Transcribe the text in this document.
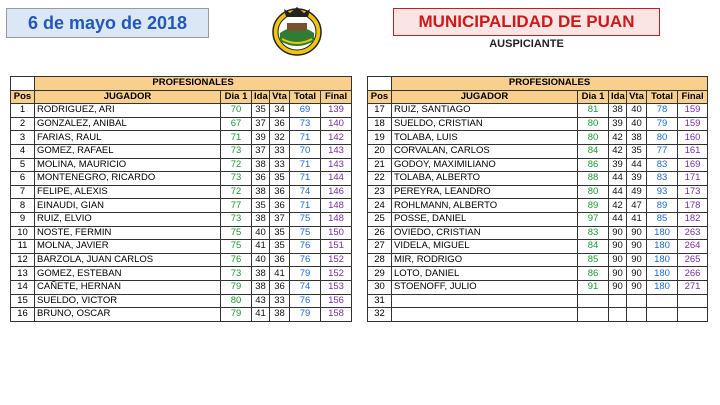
6 de mayo de 2018	MUNICIPALIDAD DE PUAN
AUSPICIANTE
	PROFESIONALES					
Pos	JUGADOR	Dia 1	Ida	Vta	Total	Final
1	RODRIGUEZ, ARI	70	35	34	69	139
2	GONZALEZ, ANIBAL	67	37	36	73	140
3	FARIAS, RAUL	71	39	32	71	142
4	GOMEZ, RAFAEL	73	37	33	70	143
5	MOLINA, MAURICIO	72	38	33	71	143
6	MONTENEGRO, RICARDO	73	36	35	71	144
7	FELIPE, ALEXIS	72	38	36	74	146
8	EINAUDI, GIAN	77	35	36	71	148
9	RUIZ, ELVIO	73	38	37	75	148
10	NOSTE, FERMIN	75	40	35	75	150
11	MOLNA, JAVIER	75	41	35	76	151
12	BARZOLA, JUAN CARLOS	76	40	36	76	152
13	GOMEZ, ESTEBAN	73	38	41	79	152
14	CAÑETE, HERNAN	79	38	36	74	153
15	SUELDO, VICTOR	80	43	33	76	156
16	BRUNO, OSCAR	79	41	38	79	158
	PROFESIONALES					
Pos	JUGADOR	Dia 1	Ida	Vta	Total	Final
17	RUIZ, SANTIAGO	81	38	40	78	159
18	SUELDO, CRISTIAN	80	39	40	79	159
19	TOLABA, LUIS	80	42	38	80	160
20	CORVALAN, CARLOS	84	42	35	77	161
21	GODOY, MAXIMILIANO	86	39	44	83	169
22	TOLABA, ALBERTO	88	44	39	83	171
23	PEREYRA, LEANDRO	80	44	49	93	173
24	ROHLMANN, ALBERTO	89	42	47	89	178
25	POSSE, DANIEL	97	44	41	85	182
26	OVIEDO, CRISTIAN	83	90	90	180	263
27	VIDELA, MIGUEL	84	90	90	180	264
28	MIR, RODRIGO	85	90	90	180	265
29	LOTO, DANIEL	86	90	90	180	266
30	STOENOFF, JULIO	91	90	90	180	271
31						
32						
